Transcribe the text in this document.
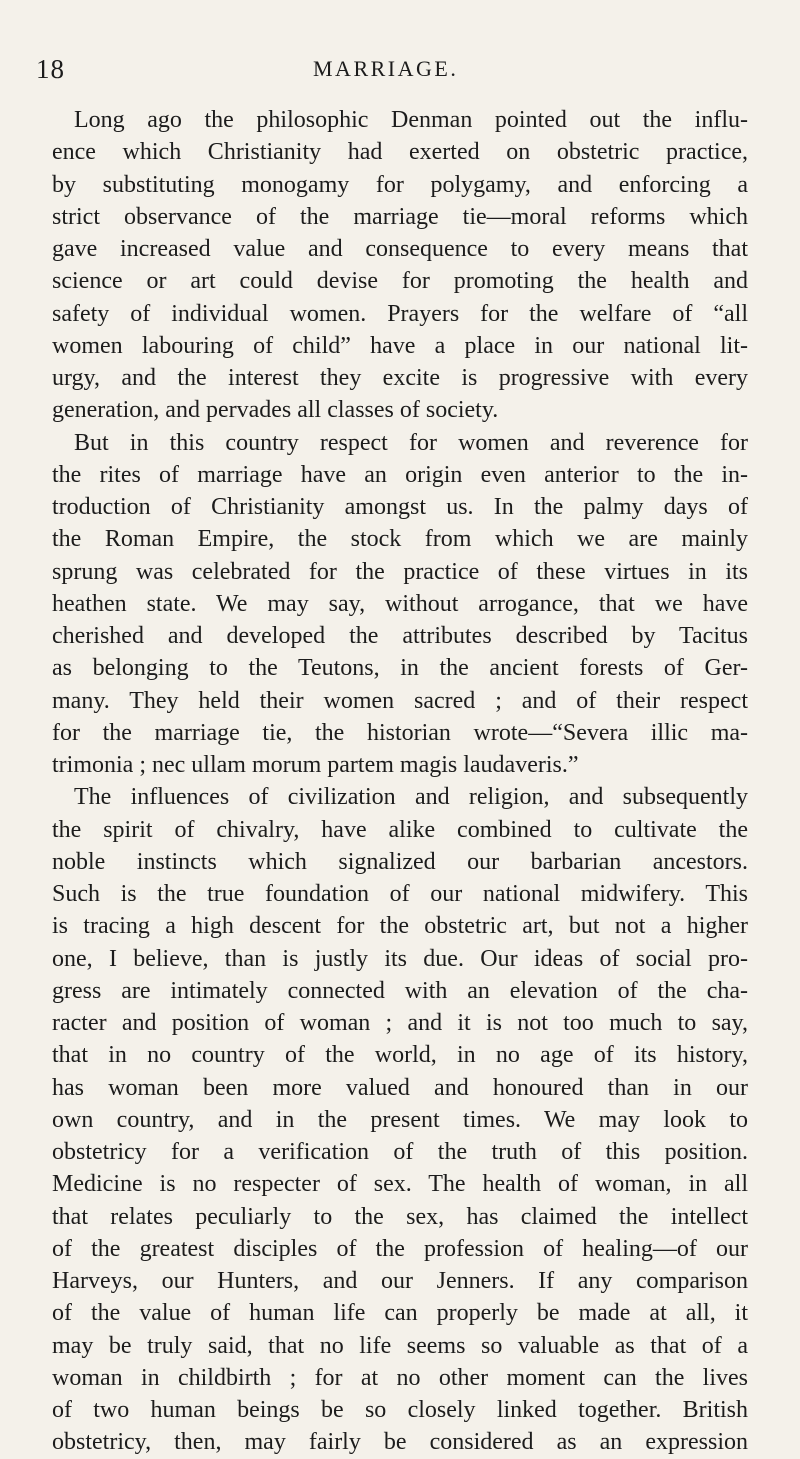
18	MARRIAGE.
Long ago the philosophic Denman pointed out the influ-
ence which Christianity had exerted on obstetric practice,
by substituting monogamy for polygamy, and enforcing a
strict observance of the marriage tie—moral reforms which
gave increased value and consequence to every means that
science or art could devise for promoting the health and
safety of individual women. Prayers for the welfare of “all
women labouring of child” have a place in our national lit-
urgy, and the interest they excite is progressive with every
generation, and pervades all classes of society.
But in this country respect for women and reverence for
the rites of marriage have an origin even anterior to the in-
troduction of Christianity amongst us. In the palmy days of
the Roman Empire, the stock from which we are mainly
sprung was celebrated for the practice of these virtues in its
heathen state. We may say, without arrogance, that we have
cherished and developed the attributes described by Tacitus
as belonging to the Teutons, in the ancient forests of Ger-
many. They held their women sacred ; and of their respect
for the marriage tie, the historian wrote—“Severa illic ma-
trimonia ; nec ullam morum partem magis laudaveris.”
The influences of civilization and religion, and subsequently
the spirit of chivalry, have alike combined to cultivate the
noble instincts which signalized our barbarian ancestors.
Such is the true foundation of our national midwifery. This
is tracing a high descent for the obstetric art, but not a higher
one, I believe, than is justly its due. Our ideas of social pro-
gress are intimately connected with an elevation of the cha-
racter and position of woman ; and it is not too much to say,
that in no country of the world, in no age of its history,
has woman been more valued and honoured than in our
own country, and in the present times. We may look to
obstetricy for a verification of the truth of this position.
Medicine is no respecter of sex. The health of woman, in all
that relates peculiarly to the sex, has claimed the intellect
of the greatest disciples of the profession of healing—of our
Harveys, our Hunters, and our Jenners. If any comparison
of the value of human life can properly be made at all, it
may be truly said, that no life seems so valuable as that of a
woman in childbirth ; for at no other moment can the lives
of two human beings be so closely linked together. British
obstetricy, then, may fairly be considered as an expression
